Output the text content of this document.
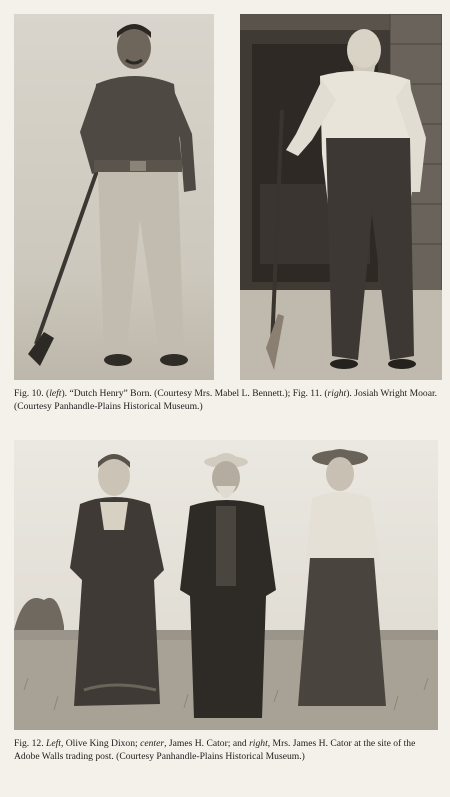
Fig. 10. (left). “Dutch Henry” Born. (Courtesy Mrs. Mabel L. Bennett.); Fig. 11. (right). Josiah Wright Mooar. (Courtesy Panhandle-Plains Historical Museum.)

Fig. 12. Left, Olive King Dixon; center, James H. Cator; and right, Mrs. James H. Cator at the site of the Adobe Walls trading post. (Courtesy Panhandle-Plains Historical Museum.)
